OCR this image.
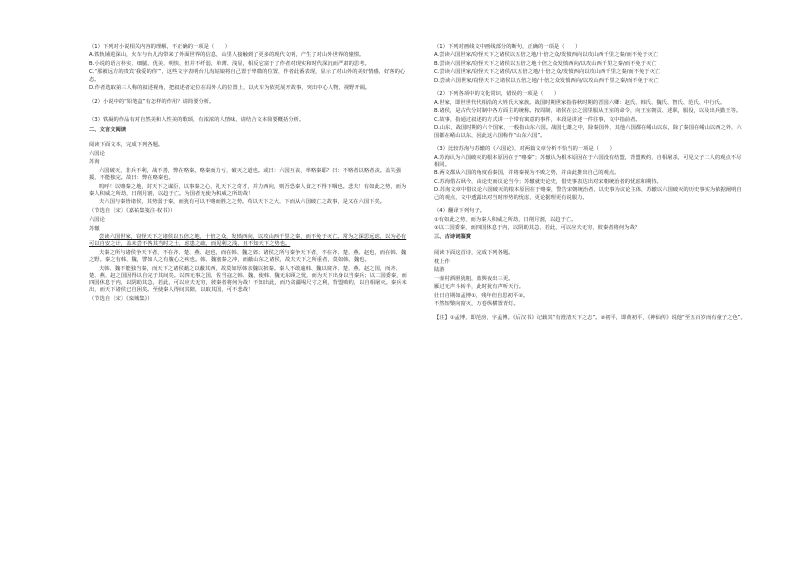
（1）下列对小说相关内容的理解，不正确的一项是（　　）

A.铁轨铺进深山，火车与台儿沟带来了外面世界的信息，山里人接触到了更多的现代文明，产生了对山外世界的憧憬。

B.小说的语言朴实、细腻、优美、明快，但并不纤弱，单薄、浅显，相反它富于了作者对现实和时代深沉而严肃的思考。

C.“那被远方的贵宾‘我爱的你’”，这些文字表明台儿沟姑娘将自己置于卑微的位置，作者此番表现，显示了对山外的美好情感，好客的心态。

D.作者选取第三人称的叙述视角，把叙述者定位在局外人的位置上，以火车为依托展开故事，突出中心人物，视野开阔。

（2）小说中的“铅笔盒”有怎样的作用？请简要分析。

（3）铁凝的作品有对自然美和人性美的歌颂，有浓浓的人情味，请结合文本简要概括分析。

二、文言文阅读

阅读下面文本，完成下列各题。

六国论

苏洵

六国破灭，非兵不利，战不善，弊在赂秦。赂秦而力亏，破灭之道也。或曰：六国互丧，率赂秦耶？曰：不赂者以赂者丧。盖失强援，不能独完。故曰：弊在赂秦也。

呜呼！以赂秦之地，封天下之谋臣，以事秦之心，礼天下之奇才，并力西向，则吾恐秦人食之不得下咽也。悲夫！有如此之势，而为秦人积威之所劫，日削月割，以趋于亡。为国者无使为积威之所劫哉！

夫六国与秦皆诸侯，其势弱于秦，而犹有可以不赂而胜之之势。苟以天下之大，下而从六国破亡之故事，是又在六国下矣。

（节选自〔宋〕《嘉祐集笺注·权书》）

六国论

苏辙

尝读六国世家，窃怪天下之诸侯以五倍之地，十倍之众，发愤西向，以攻山西千里之秦，而不免于灭亡。常为之深思远虑，以为必有可以自安之计，盖未尝不咎其当时之士，虑患之疏，而见利之浅，且不知天下之势也。

夫秦之所与诸侯争天下者，不在齐、楚、燕、赵也，而在韩、魏之郊；诸侯之所与秦争天下者，不在齐、楚、燕、赵也，而在韩、魏之野。秦之有韩、魏，譬如人之有腹心之疾也。韩、魏塞秦之冲，而蔽山东之诸侯，故夫天下之所重者，莫如韩、魏也。

夫韩、魏不能独当秦，而天下之诸侯藉之以蔽其西，故莫如厚韩亲魏以摈秦。秦人不敢逾韩、魏以窥齐、楚、燕、赵之国，而齐、楚、燕、赵之国因得以自完于其间矣。以四无事之国，佐当寇之韩、魏，使韩、魏无东顾之忧，而为天下出身以当秦兵；以二国委秦，而四国休息于内，以阴助其急，若此，可以应夫无穷，彼秦者将何为哉！不知出此，而乃贪疆埸尺寸之利，背盟败约，以自相屠灭。秦兵未出，而天下诸侯已自困矣。至使秦人得间其隙，以取其国，可不悲哉！

（节选自〔宋〕《栾城集》）

（1）下列对画线文中画线部分的断句，正确的一项是（　　）

A.尝读六国世家/窃怪天下之诸侯以五倍之地/十倍之众/发愤西向以攻山西千里之秦/而不免于灭亡

B.尝读六国世家/窃怪天下之诸侯以五倍之地十倍之众发愤西向/以攻山西千里之秦/而不免于灭亡

C.尝读六国世家/窃怪天下之诸侯/以五倍之地/十倍之众/发愤西向以攻山西千里之秦/而不免于灭亡

D.尝读六国世家/窃怪天下之诸侯以五倍之地/十倍之众发愤西向/以攻山西千里之秦/而不免于灭亡

（2）下列各项中的文化常识，错误的一项是（　　）

A.世家，即世世代代相沿的大姓氏大家族。战国时期世家指春秋时期的晋国六卿：赵氏、韩氏、魏氏、智氏、范氏、中行氏。

B.诸侯，是古代分封制中各方面主的统称。按周制，诸侯在公之国里服从王室的命令，向王室朝贡、述职，服役，以及出兵勤王等。

C.故事，指通过叙述的方式讲一个带有寓意的事件，本段是讲述一件往事，文中指前者。

D.山东，战国时期的六个国家，一般指山东六国。战国七雄之中，除秦国外，其他六国都在崤山以东，除了秦国在崤山以西之外，六国都在崤山以东，因此这六国称作“山东六国”。

（3）比较苏洵与苏辙的《六国论》，对两篇文章分析不恰当的一项是（　　）

A.苏洵认为六国破灭的根本原因在于“赂秦”；苏辙认为根本原因在于六国没有结盟，背盟败约，自相屠杀，可见父子二人的观点不尽相同。

B.两文都从六国的角度看秦国，并将秦视为不败之势，并由此推出自己的观点。

C.苏洵借古讽今，由论史而议论当今；苏辙就史论史，借史事表达出对宋朝统治者的忧虑和期待。

D.苏洵文章中借议论六国破灭的根本原因在于赂秦，警告宋朝统治者，以史事为议论主体，苏辙以六国破灭的历史事实为依据阐明自己的观点，文中透露出对当时形势的忧虑，更论据理更有说服力。

（4）翻译下列句子。

①有如此之势，而为秦人积威之所劫，日削月割，以趋于亡。

②以二国委秦，而四国休息于内，以阴助其急，若此，可以应夫无穷，彼秦者将何为哉？

三、古诗词鉴赏

阅读下面这首诗，完成下列各题。

枕上作

陆游

一壶村酒胆犹粗，蓝舆夜出三更。

雁过无声斗转半，此时犹有声听天行。

壮日自期如孟博①，残年但自思初平②。

不然短檠向窗灭，万卷纵横置青灯。

【注】①孟博，即范滂，字孟博。《后汉书》记载其“有澄清天下之志”。②初平，即黄初平，《神仙传》说他“至五百岁而有童子之色”。
